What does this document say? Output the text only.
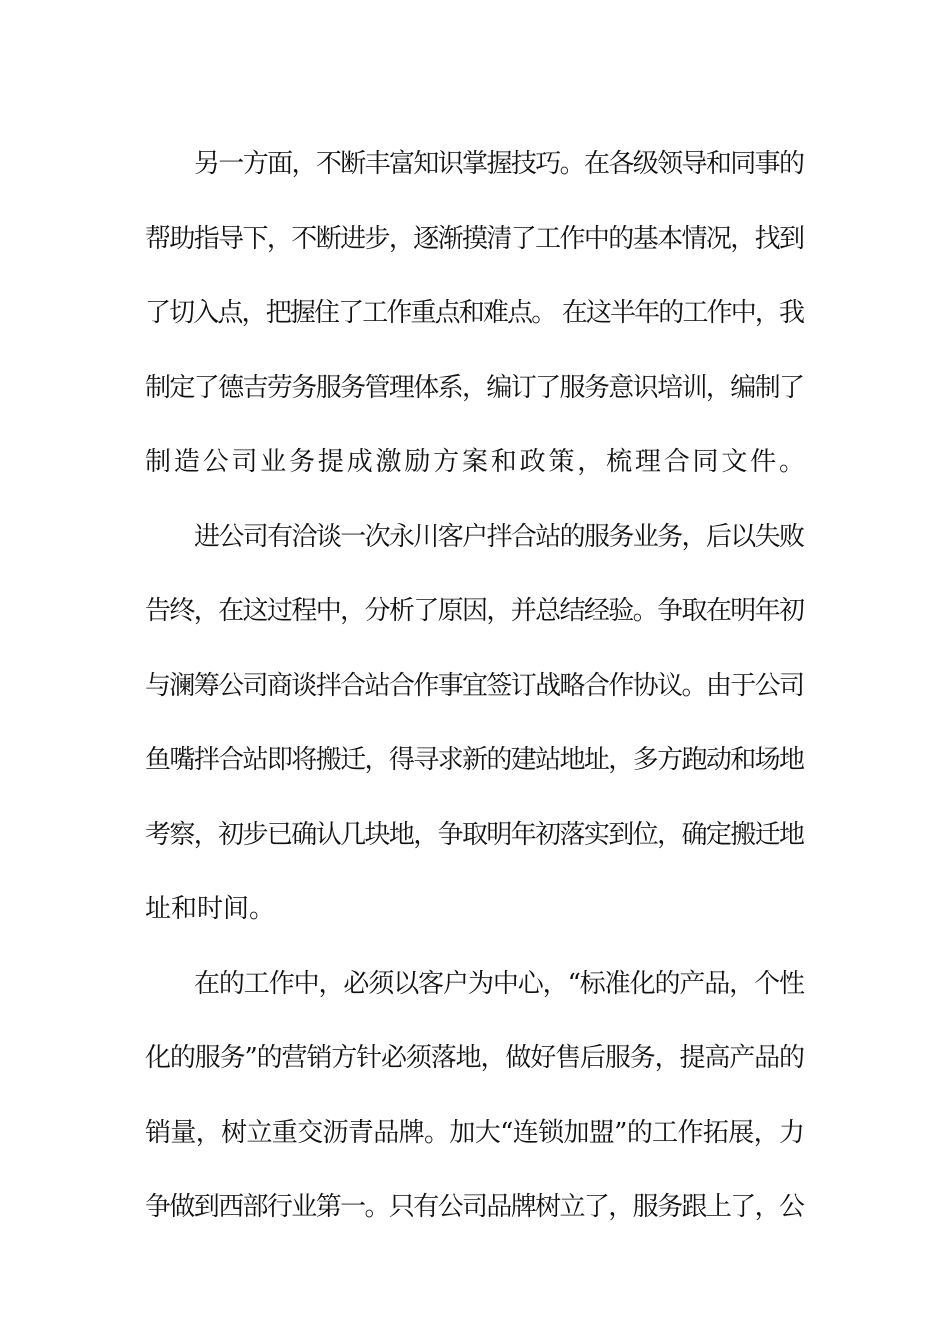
另一方面，不断丰富知识掌握技巧。在各级领导和同事的
帮助指导下，不断进步，逐渐摸清了工作中的基本情况，找到
了切入点，把握住了工作重点和难点。 在这半年的工作中，我
制定了德吉劳务服务管理体系，编订了服务意识培训，编制了
制造公司业务提成激励方案和政策，梳理合同文件。
进公司有洽谈一次永川客户拌合站的服务业务，后以失败
告终，在这过程中，分析了原因，并总结经验。争取在明年初
与澜筹公司商谈拌合站合作事宜签订战略合作协议。由于公司
鱼嘴拌合站即将搬迁，得寻求新的建站地址，多方跑动和场地
考察，初步已确认几块地，争取明年初落实到位，确定搬迁地
址和时间。
在的工作中，必须以客户为中心，“标准化的产品，个性
化的服务”的营销方针必须落地，做好售后服务，提高产品的
销量，树立重交沥青品牌。加大“连锁加盟”的工作拓展，力
争做到西部行业第一。只有公司品牌树立了，服务跟上了，公
